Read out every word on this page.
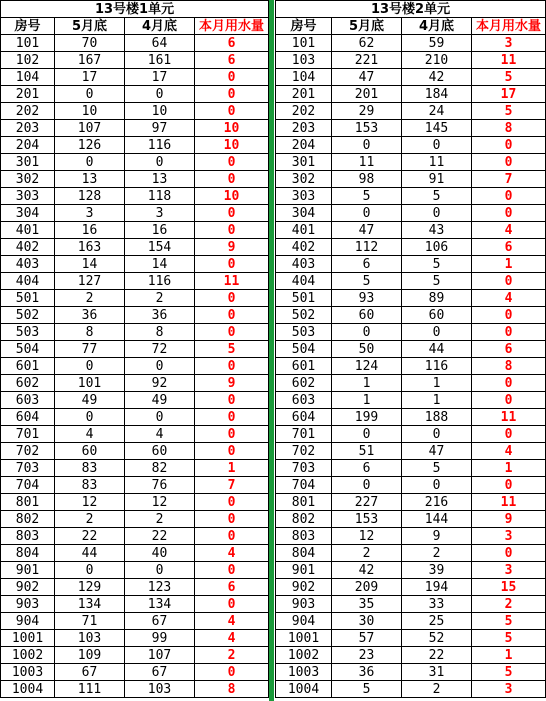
13号楼1单元			
房号	5月底	4月底	本月用水量
101	70	64	6
102	167	161	6
104	17	17	0
201	0	0	0
202	10	10	0
203	107	97	10
204	126	116	10
301	0	0	0
302	13	13	0
303	128	118	10
304	3	3	0
401	16	16	0
402	163	154	9
403	14	14	0
404	127	116	11
501	2	2	0
502	36	36	0
503	8	8	0
504	77	72	5
601	0	0	0
602	101	92	9
603	49	49	0
604	0	0	0
701	4	4	0
702	60	60	0
703	83	82	1
704	83	76	7
801	12	12	0
802	2	2	0
803	22	22	0
804	44	40	4
901	0	0	0
902	129	123	6
903	134	134	0
904	71	67	4
1001	103	99	4
1002	109	107	2
1003	67	67	0
1004	111	103	8
13号楼2单元			
房号	5月底	4月底	本月用水量
101	62	59	3
103	221	210	11
104	47	42	5
201	201	184	17
202	29	24	5
203	153	145	8
204	0	0	0
301	11	11	0
302	98	91	7
303	5	5	0
304	0	0	0
401	47	43	4
402	112	106	6
403	6	5	1
404	5	5	0
501	93	89	4
502	60	60	0
503	0	0	0
504	50	44	6
601	124	116	8
602	1	1	0
603	1	1	0
604	199	188	11
701	0	0	0
702	51	47	4
703	6	5	1
704	0	0	0
801	227	216	11
802	153	144	9
803	12	9	3
804	2	2	0
901	42	39	3
902	209	194	15
903	35	33	2
904	30	25	5
1001	57	52	5
1002	23	22	1
1003	36	31	5
1004	5	2	3
